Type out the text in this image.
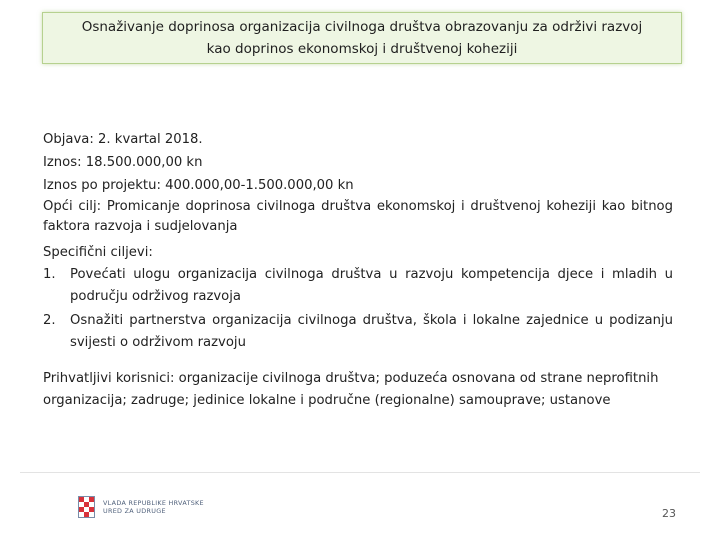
Osnaživanje doprinosa organizacija civilnoga društva obrazovanju za održivi razvoj
kao doprinos ekonomskoj i društvenoj koheziji
Objava: 2. kvartal 2018.
Iznos: 18.500.000,00 kn
Iznos po projektu: 400.000,00-1.500.000,00 kn
Opći cilj: Promicanje doprinosa civilnoga društva ekonomskoj i društvenoj koheziji kao bitnog faktora razvoja i sudjelovanja
Specifični ciljevi:
1. Povećati ulogu organizacija civilnoga društva u razvoju kompetencija djece i mladih u području održivog razvoja
2. Osnažiti partnerstva organizacija civilnoga društva, škola i lokalne zajednice u podizanju svijesti o održivom razvoju
Prihvatljivi korisnici: organizacije civilnoga društva; poduzeća osnovana od strane neprofitnih organizacija; zadruge; jedinice lokalne i područne (regionalne) samouprave; ustanove
VLADA REPUBLIKE HRVATSKE
URED ZA UDRUGE	23
